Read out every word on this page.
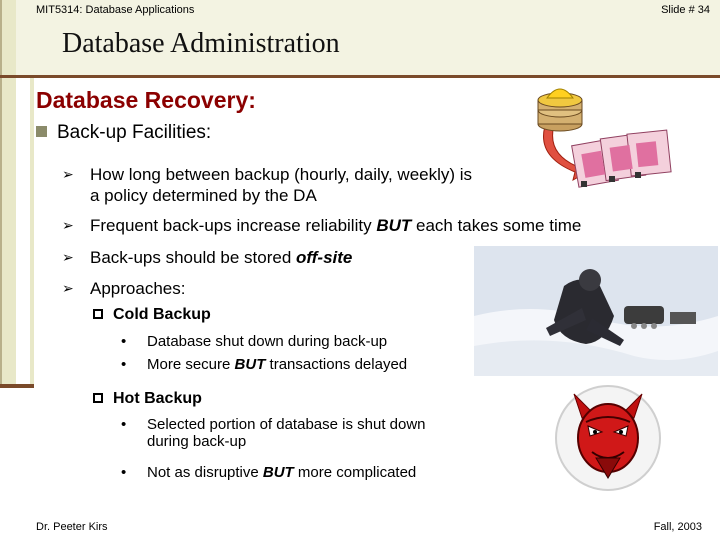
MIT5314: Database Applications	Slide # 34
Database Administration
Database Recovery:
Back-up Facilities:
➢ How long between backup (hourly, daily, weekly) is a policy determined by the DA
➢ Frequent back-ups increase reliability BUT each takes some time
➢ Back-ups should be stored off-site
➢ Approaches:
Cold Backup
•	Database shut down during back-up
•	More secure BUT transactions delayed
Hot Backup
•	Selected portion of database is shut down during back-up
•	Not as disruptive BUT more complicated
Dr. Peeter Kirs	Fall, 2003
